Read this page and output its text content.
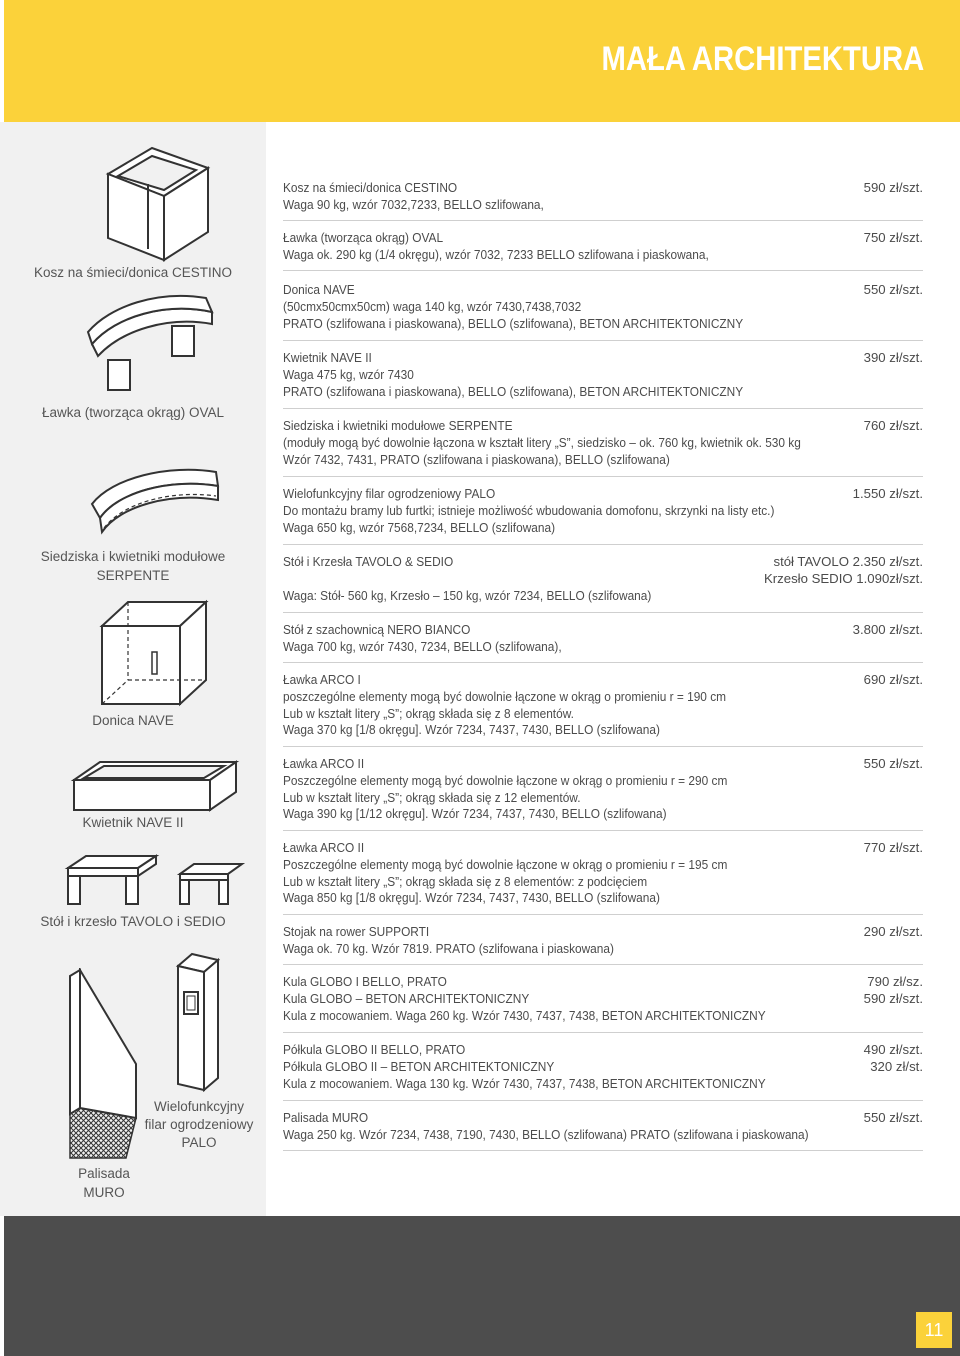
MAŁA ARCHITEKTURA
Kosz na śmieci/donica CESTINO
Ławka (tworząca okrąg) OVAL
Siedziska i kwietniki modułowe
SERPENTE
Donica NAVE
Kwietnik NAVE II
Stół i krzesło TAVOLO i SEDIO
Palisada
MURO
Wielofunkcyjny
filar ogrodzeniowy
PALO
Kosz na śmieci/donica CESTINO
Waga 90 kg, wzór 7032,7233, BELLO szlifowana,
590 zł/szt.
Ławka (tworząca okrąg) OVAL
Waga ok. 290 kg (1/4 okręgu), wzór 7032, 7233 BELLO szlifowana i piaskowana,
750 zł/szt.
Donica NAVE
(50cmx50cmx50cm) waga 140 kg, wzór 7430,7438,7032
PRATO (szlifowana i piaskowana), BELLO (szlifowana), BETON ARCHITEKTONICZNY
550 zł/szt.
Kwietnik NAVE II
Waga 475 kg, wzór 7430
PRATO (szlifowana i piaskowana), BELLO (szlifowana), BETON ARCHITEKTONICZNY
390 zł/szt.
Siedziska i kwietniki modułowe SERPENTE
(moduły mogą być dowolnie łączona w kształt litery „S”, siedzisko – ok. 760 kg, kwietnik ok. 530 kg
Wzór 7432, 7431, PRATO (szlifowana i piaskowana), BELLO (szlifowana)
760 zł/szt.
Wielofunkcyjny filar ogrodzeniowy PALO
Do montażu bramy lub furtki; istnieje możliwość wbudowania domofonu, skrzynki na listy etc.)
Waga 650 kg, wzór 7568,7234, BELLO (szlifowana)
1.550 zł/szt.
Stół i Krzesła TAVOLO & SEDIO

Waga: Stół- 560 kg, Krzesło – 150 kg, wzór 7234, BELLO (szlifowana)
stół TAVOLO 2.350 zł/szt.
Krzesło SEDIO 1.090zł/szt.
Stół z szachownicą NERO BIANCO
Waga 700 kg, wzór 7430, 7234, BELLO (szlifowana),
3.800 zł/szt.
Ławka ARCO I
poszczególne elementy mogą być dowolnie łączone w okrąg o promieniu r = 190 cm
Lub w kształt litery „S”; okrąg składa się z 8 elementów.
Waga 370 kg [1/8 okręgu]. Wzór 7234, 7437, 7430, BELLO (szlifowana)
690 zł/szt.
Ławka ARCO II
Poszczególne elementy mogą być dowolnie łączone w okrąg o promieniu r = 290 cm
Lub w kształt litery „S”; okrąg składa się z 12 elementów.
Waga 390 kg [1/12 okręgu]. Wzór 7234, 7437, 7430, BELLO (szlifowana)
550 zł/szt.
Ławka ARCO II
Poszczególne elementy mogą być dowolnie łączone w okrąg o promieniu r = 195 cm
Lub w kształt litery „S”; okrąg składa się z 8 elementów: z podcięciem
Waga 850 kg [1/8 okręgu]. Wzór 7234, 7437, 7430, BELLO (szlifowana)
770 zł/szt.
Stojak na rower SUPPORTI
Waga ok. 70 kg. Wzór 7819. PRATO (szlifowana i piaskowana)
290 zł/szt.
Kula GLOBO I BELLO, PRATO
Kula GLOBO – BETON ARCHITEKTONICZNY
Kula z mocowaniem. Waga 260 kg. Wzór 7430, 7437, 7438, BETON ARCHITEKTONICZNY
790 zł/sz.
590 zł/szt.
Półkula GLOBO II BELLO, PRATO
Półkula GLOBO II – BETON ARCHITEKTONICZNY
Kula z mocowaniem. Waga 130 kg. Wzór 7430, 7437, 7438, BETON ARCHITEKTONICZNY
490 zł/szt.
320 zł/st.
Palisada MURO
Waga 250 kg. Wzór 7234, 7438, 7190, 7430, BELLO (szlifowana) PRATO (szlifowana i piaskowana)
550 zł/szt.
11
